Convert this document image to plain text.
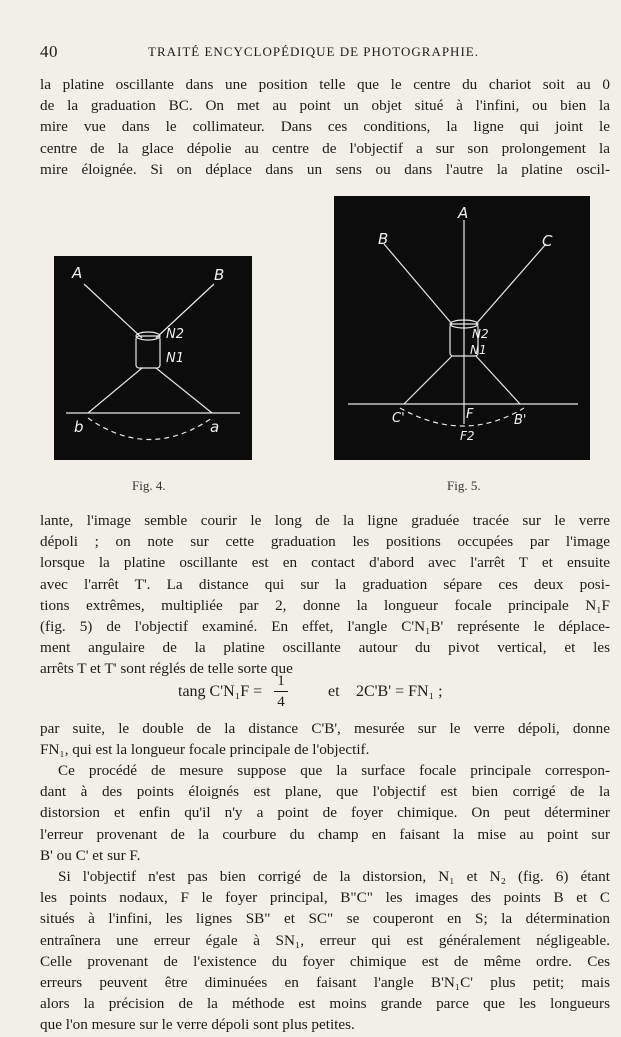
40	TRAITÉ ENCYCLOPÉDIQUE DE PHOTOGRAPHIE.
la platine oscillante dans une position telle que le centre du chariot soit au 0
de la graduation BC. On met au point un objet situé à l'infini, ou bien la
mire vue dans le collimateur. Dans ces conditions, la ligne qui joint le
centre de la glace dépolie au centre de l'objectif a sur son prolongement la
mire éloignée. Si on déplace dans un sens ou dans l'autre la platine oscil-
A	B
N2
N1
b	a
Fig. 4.
A
B	C
N2
N1
C'	F	B'
F2
Fig. 5.
lante, l'image semble courir le long de la ligne graduée tracée sur le verre
dépoli ; on note sur cette graduation les positions occupées par l'image
lorsque la platine oscillante est en contact d'abord avec l'arrêt T et ensuite
avec l'arrêt T'. La distance qui sur la graduation sépare ces deux posi-
tions extrêmes, multipliée par 2, donne la longueur focale principale N₁F
(fig. 5) de l'objectif examiné. En effet, l'angle C'N₁B' représente le déplace-
ment angulaire de la platine oscillante autour du pivot vertical, et les
arrêts T et T' sont réglés de telle sorte que
tang C'N₁F =
1
4
et 2C'B' = FN₁ ;
par suite, le double de la distance C'B', mesurée sur le verre dépoli, donne
FN₁, qui est la longueur focale principale de l'objectif.
Ce procédé de mesure suppose que la surface focale principale correspon-
dant à des points éloignés est plane, que l'objectif est bien corrigé de la
distorsion et enfin qu'il n'y a point de foyer chimique. On peut déterminer
l'erreur provenant de la courbure du champ en faisant la mise au point sur
B' ou C' et sur F.
Si l'objectif n'est pas bien corrigé de la distorsion, N₁ et N₂ (fig. 6) étant
les points nodaux, F le foyer principal, B"C" les images des points B et C
situés à l'infini, les lignes SB" et SC" se couperont en S; la détermination
entraînera une erreur égale à SN₁, erreur qui est généralement négligeable.
Celle provenant de l'existence du foyer chimique est de même ordre. Ces
erreurs peuvent être diminuées en faisant l'angle B'N₁C' plus petit; mais
alors la précision de la méthode est moins grande parce que les longueurs
que l'on mesure sur le verre dépoli sont plus petites.
